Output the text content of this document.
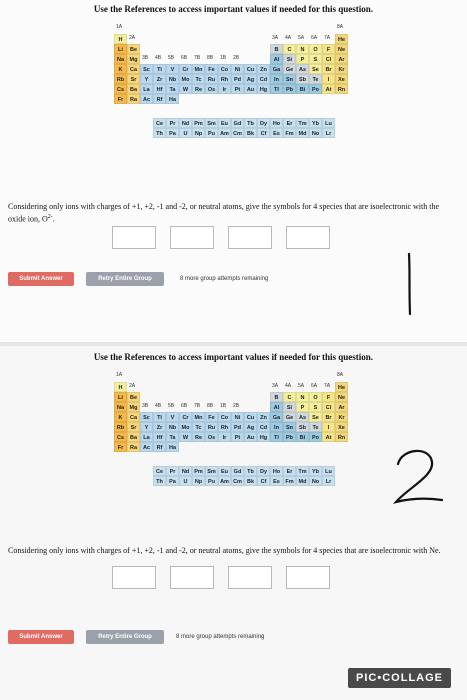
Use the References to access important values if needed for this question.
1A
2A	3A 4A 5A 6A 7A
8A
3B 4B 5B 6B 7B 8B 1B 2B
H	He
Li	Be	B	C	N	O	F	Ne
Na	Mg	Al	Si	P	S	Cl	Ar
K	Ca	Sc	Ti	V	Cr	Mn	Fe	Co	Ni	Cu	Zn	Ga	Ge	As	Se	Br	Kr
Rb	Sr	Y	Zr	Nb Mo	Tc	Ru	Rh	Pd	Ag	Cd	In	Sn	Sb	Te	I	Xe
Cs	Ba	La	Hf	Ta	W	Re	Os	Ir	Pt	Au	Hg	Tl	Pb	Bi	Po	At	Rn
Fr	Ra	Ac	Rf	Ha
Ce	Pr	Nd Pm Sm Eu	Gd	Tb	Dy	Ho	Er	Tm Yb	Lu
Th	Pa	U	Np	Pu Am Cm Bk	Cf	Es	Fm Md No	Lr
Considering only ions with charges of +1, +2, -1 and -2, or neutral atoms, give the symbols for 4 species that are isoelectronic with the oxide ion, $O^{2-}$.
Submit Answer	Retry Entire Group	8 more group attempts remaining
Use the References to access important values if needed for this question.
1A
2A	3A 4A 5A 6A 7A
8A
3B 4B 5B 6B 7B 8B 1B 2B
H	He
Li	Be	B	C	N	O	F	Ne
Na	Mg	Al	Si	P	S	Cl	Ar
K	Ca	Sc	Ti	V	Cr	Mn	Fe	Co	Ni	Cu	Zn	Ga	Ge	As	Se	Br	Kr
Rb	Sr	Y	Zr	Nb Mo	Tc	Ru	Rh	Pd	Ag	Cd	In	Sn	Sb	Te	I	Xe
Cs	Ba	La	Hf	Ta	W	Re	Os	Ir	Pt	Au	Hg	Tl	Pb	Bi	Po	At	Rn
Fr	Ra	Ac	Rf	Ha
Ce	Pr	Nd Pm Sm Eu	Gd	Tb	Dy	Ho	Er	Tm Yb	Lu
Th	Pa	U	Np	Pu Am Cm Bk	Cf	Es	Fm Md No	Lr
Considering only ions with charges of +1, +2, -1 and -2, or neutral atoms, give the symbols for 4 species that are isoelectronic with Ne.
Submit Answer	Retry Entire Group	8 more group attempts remaining
PIC•COLLAGE
